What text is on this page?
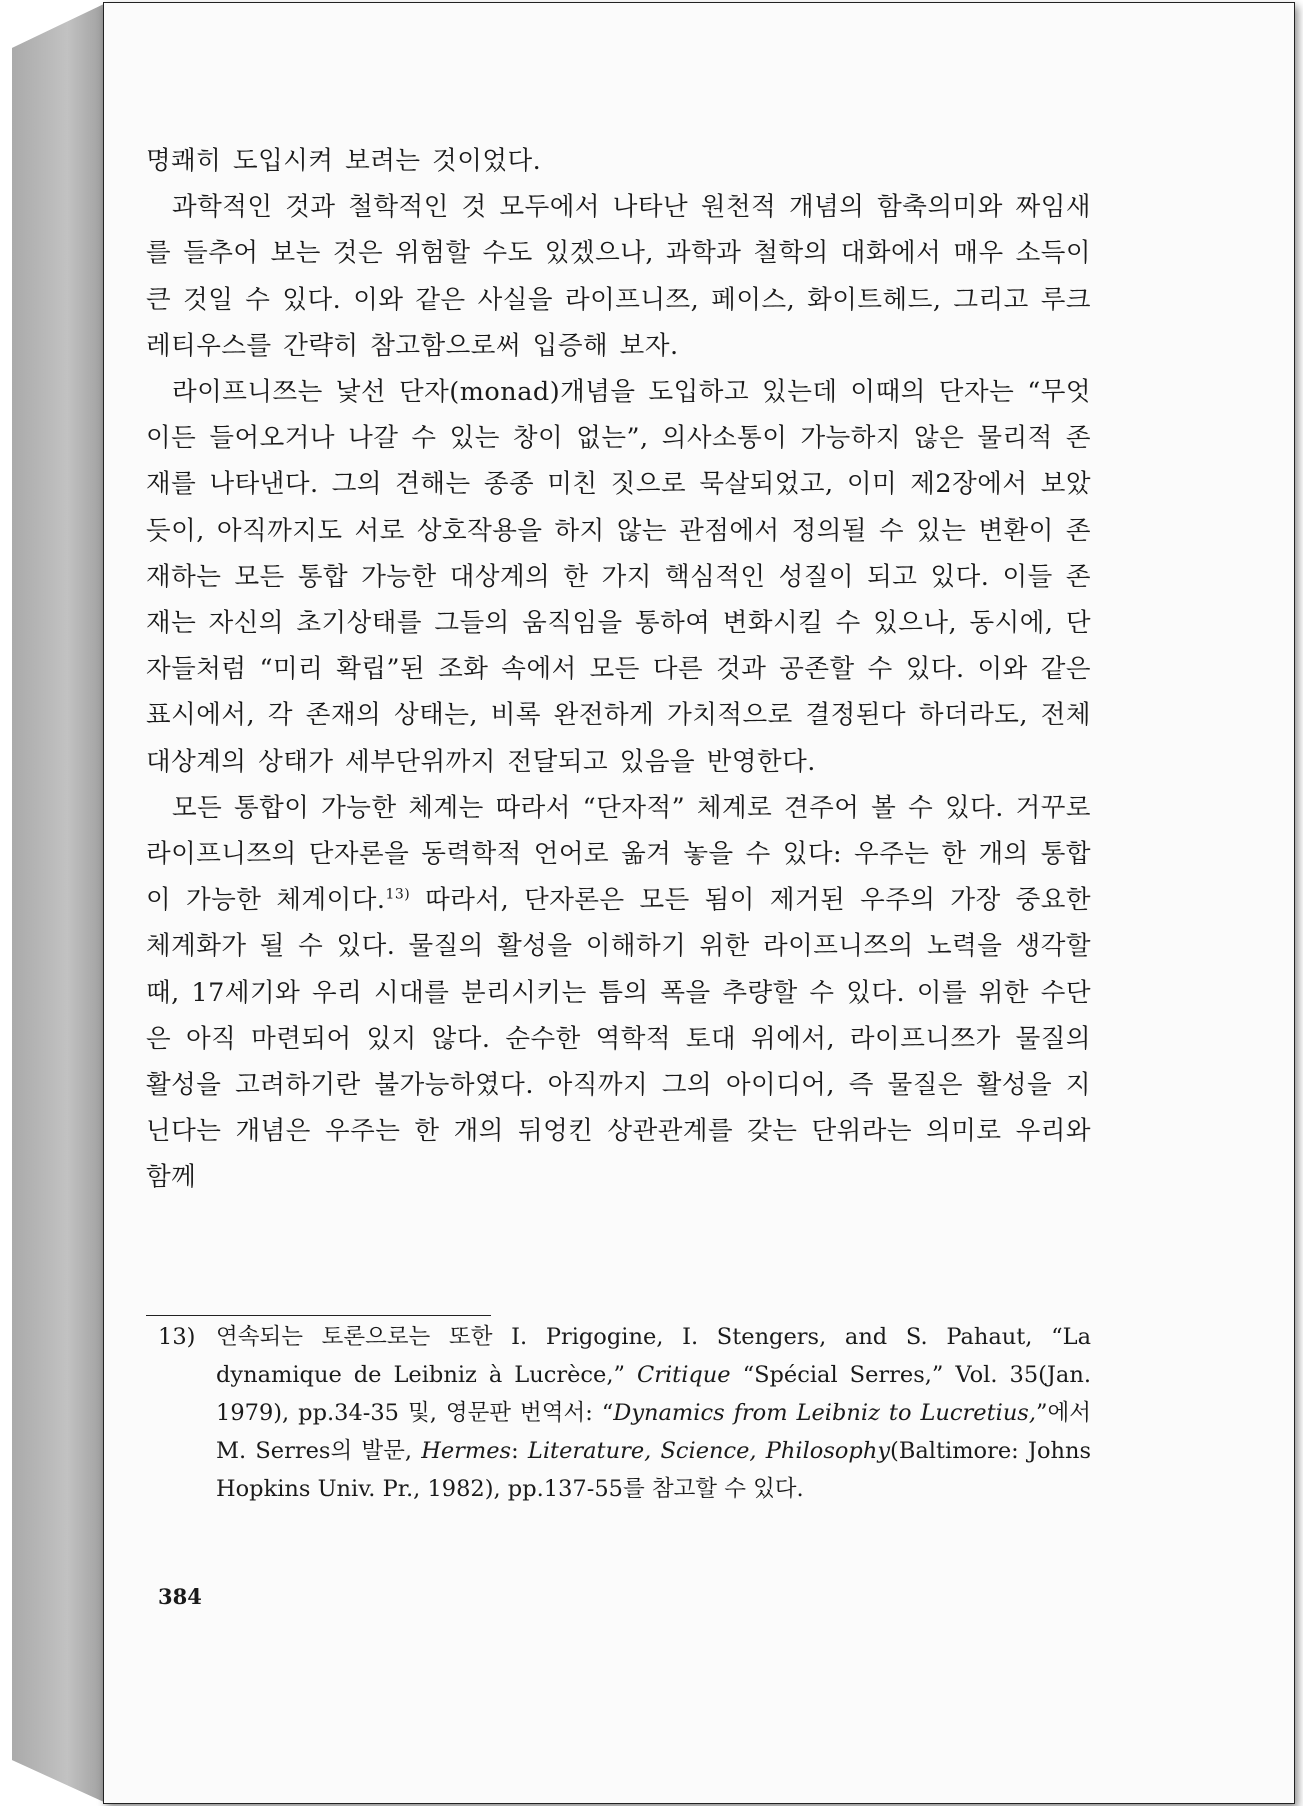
명쾌히 도입시켜 보려는 것이었다.

과학적인 것과 철학적인 것 모두에서 나타난 원천적 개념의 함축의미와 짜임새를 들추어 보는 것은 위험할 수도 있겠으나, 과학과 철학의 대화에서 매우 소득이 큰 것일 수 있다. 이와 같은 사실을 라이프니쯔, 페이스, 화이트헤드, 그리고 루크레티우스를 간략히 참고함으로써 입증해 보자.

라이프니쯔는 낯선 단자(monad)개념을 도입하고 있는데 이때의 단자는 “무엇이든 들어오거나 나갈 수 있는 창이 없는”, 의사소통이 가능하지 않은 물리적 존재를 나타낸다. 그의 견해는 종종 미친 짓으로 묵살되었고, 이미 제2장에서 보았듯이, 아직까지도 서로 상호작용을 하지 않는 관점에서 정의될 수 있는 변환이 존재하는 모든 통합 가능한 대상계의 한 가지 핵심적인 성질이 되고 있다. 이들 존재는 자신의 초기상태를 그들의 움직임을 통하여 변화시킬 수 있으나, 동시에, 단자들처럼 “미리 확립”된 조화 속에서 모든 다른 것과 공존할 수 있다. 이와 같은 표시에서, 각 존재의 상태는, 비록 완전하게 가치적으로 결정된다 하더라도, 전체 대상계의 상태가 세부단위까지 전달되고 있음을 반영한다.

모든 통합이 가능한 체계는 따라서 “단자적” 체계로 견주어 볼 수 있다. 거꾸로 라이프니쯔의 단자론을 동력학적 언어로 옮겨 놓을 수 있다: 우주는 한 개의 통합이 가능한 체계이다.$^{13)}$ 따라서, 단자론은 모든 됨이 제거된 우주의 가장 중요한 체계화가 될 수 있다. 물질의 활성을 이해하기 위한 라이프니쯔의 노력을 생각할 때, 17세기와 우리 시대를 분리시키는 틈의 폭을 추량할 수 있다. 이를 위한 수단은 아직 마련되어 있지 않다. 순수한 역학적 토대 위에서, 라이프니쯔가 물질의 활성을 고려하기란 불가능하였다. 아직까지 그의 아이디어, 즉 물질은 활성을 지닌다는 개념은 우주는 한 개의 뒤엉킨 상관관계를 갖는 단위라는 의미로 우리와 함께

13) 연속되는 토론으로는 또한 I. Prigogine, I. Stengers, and S. Pahaut, “La dynamique de Leibniz à Lucrèce,” Critique “Spécial Serres,” Vol. 35(Jan. 1979), pp.34-35 및, 영문판 번역서: “Dynamics from Leibniz to Lucretius,”에서 M. Serres의 발문, Hermes: Literature, Science, Philosophy(Baltimore: Johns Hopkins Univ. Pr., 1982), pp.137-55를 참고할 수 있다.
384
